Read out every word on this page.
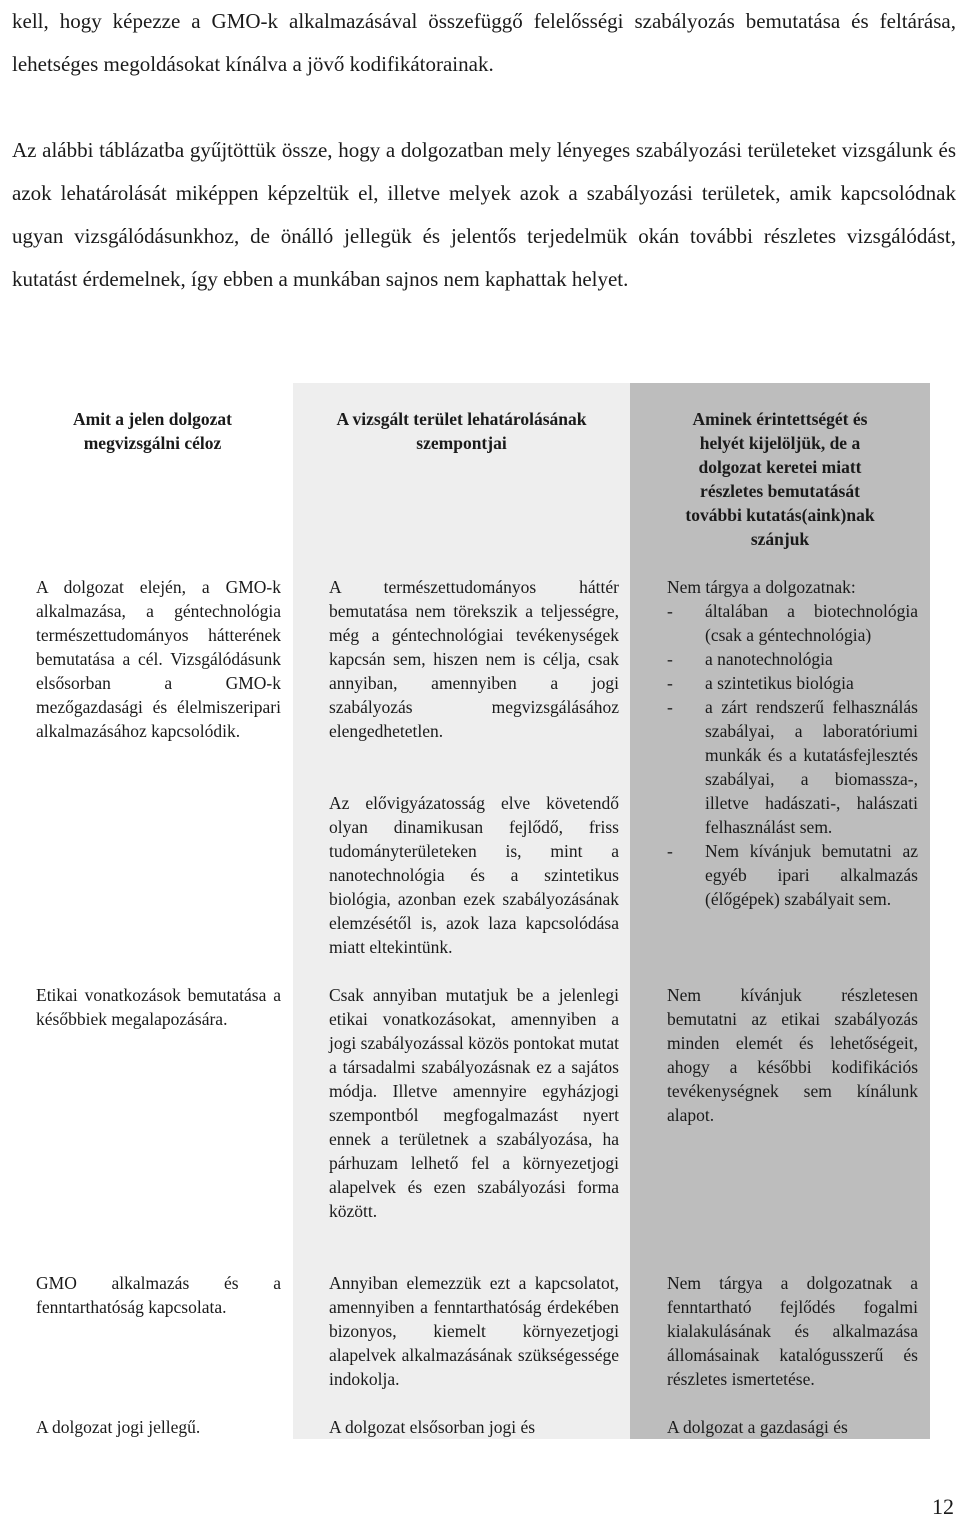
kell, hogy képezze a GMO-k alkalmazásával összefüggő felelősségi szabályozás bemutatása és feltárása, lehetséges megoldásokat kínálva a jövő kodifikátorainak.

Az alábbi táblázatba gyűjtöttük össze, hogy a dolgozatban mely lényeges szabályozási területeket vizsgálunk és azok lehatárolását miképpen képzeltük el, illetve melyek azok a szabályozási területek, amik kapcsolódnak ugyan vizsgálódásunkhoz, de önálló jellegük és jelentős terjedelmük okán további részletes vizsgálódást, kutatást érdemelnek, így ebben a munkában sajnos nem kaphattak helyet.

Amit a jelen dolgozat megvizsgálni céloz

A dolgozat elején, a GMO-k alkalmazása, a géntechnológia természettudományos hátterének bemutatása a cél. Vizsgálódásunk elsősorban a GMO-k mezőgazdasági és élelmiszeripari alkalmazásához kapcsolódik.

Etikai vonatkozások bemutatása a későbbiek megalapozására.

GMO alkalmazás és a fenntarthatóság kapcsolata.

A dolgozat jogi jellegű.

A vizsgált terület lehatárolásának szempontjai

A természettudományos háttér bemutatása nem törekszik a teljességre, még a géntechnológiai tevékenységek kapcsán sem, hiszen nem is célja, csak annyiban, amennyiben a jogi szabályozás megvizsgálásához elengedhetetlen.

Az elővigyázatosság elve követendő olyan dinamikusan fejlődő, friss tudományterületeken is, mint a nanotechnológia és a szintetikus biológia, azonban ezek szabályozásának elemzésétől is, azok laza kapcsolódása miatt eltekintünk.

Csak annyiban mutatjuk be a jelenlegi etikai vonatkozásokat, amennyiben a jogi szabályozással közös pontokat mutat a társadalmi szabályozásnak ez a sajátos módja. Illetve amennyire egyházjogi szempontból megfogalmazást nyert ennek a területnek a szabályozása, ha párhuzam lelhető fel a környezetjogi alapelvek és ezen szabályozási forma között.

Annyiban elemezzük ezt a kapcsolatot, amennyiben a fenntarthatóság érdekében bizonyos, kiemelt környezetjogi alapelvek alkalmazásának szükségessége indokolja.

A dolgozat elsősorban jogi és

Aminek érintettségét és helyét kijelöljük, de a dolgozat keretei miatt részletes bemutatását további kutatás(aink)nak szánjuk
Nem tárgya a dolgozatnak:
- általában a biotechnológia (csak a géntechnológia)
- a nanotechnológia
- a szintetikus biológia
- a zárt rendszerű felhasználás szabályai, a laboratóriumi munkák és a kutatásfejlesztés szabályai, a biomassza-, illetve hadászati-, halászati felhasználást sem.
- Nem kívánjuk bemutatni az egyéb ipari alkalmazás (élőgépek) szabályait sem.

Nem kívánjuk részletesen bemutatni az etikai szabályozás minden elemét és lehetőségeit, ahogy a későbbi kodifikációs tevékenységnek sem kínálunk alapot.

Nem tárgya a dolgozatnak a fenntartható fejlődés fogalmi kialakulásának és alkalmazása állomásainak katalógusszerű és részletes ismertetése.

A dolgozat a gazdasági és

12
